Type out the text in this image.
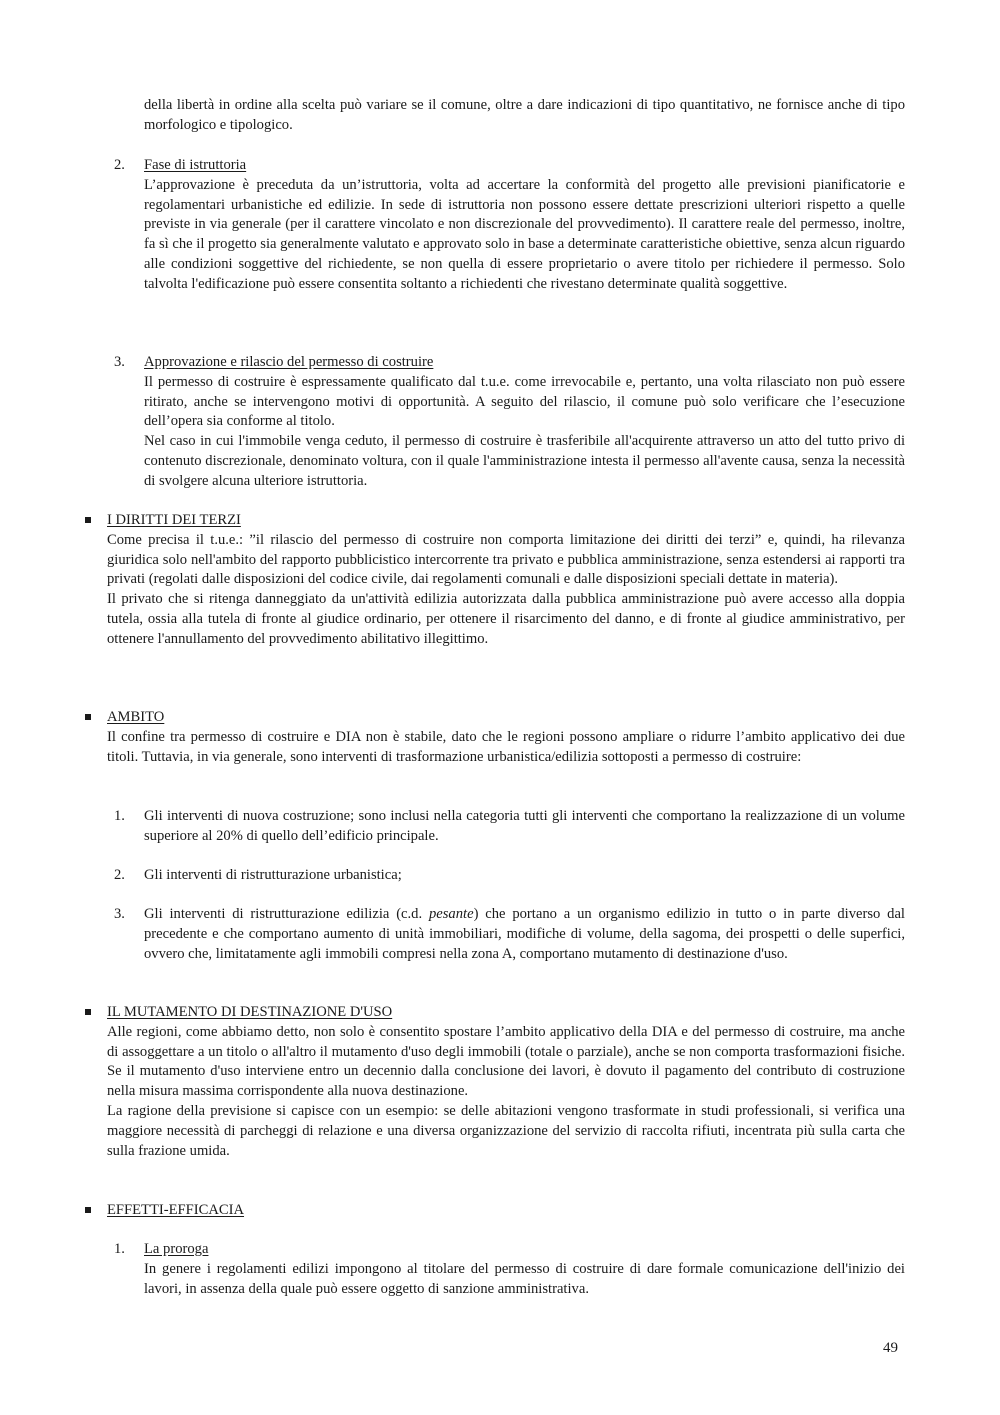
della libertà in ordine alla scelta può variare se il comune, oltre a dare indicazioni di tipo quantitativo, ne fornisce anche di tipo morfologico e tipologico.

2. Fase di istruttoria

L’approvazione è preceduta da un’istruttoria, volta ad accertare la conformità del progetto alle previsioni pianificatorie e regolamentari urbanistiche ed edilizie. In sede di istruttoria non possono essere dettate prescrizioni ulteriori rispetto a quelle previste in via generale (per il carattere vincolato e non discrezionale del provvedimento). Il carattere reale del permesso, inoltre, fa sì che il progetto sia generalmente valutato e approvato solo in base a determinate caratteristiche obiettive, senza alcun riguardo alle condizioni soggettive del richiedente, se non quella di essere proprietario o avere titolo per richiedere il permesso. Solo talvolta l'edificazione può essere consentita soltanto a richiedenti che rivestano determinate qualità soggettive.

3. Approvazione e rilascio del permesso di costruire

Il permesso di costruire è espressamente qualificato dal t.u.e. come irrevocabile e, pertanto, una volta rilasciato non può essere ritirato, anche se intervengono motivi di opportunità. A seguito del rilascio, il comune può solo verificare che l’esecuzione dell’opera sia conforme al titolo.

Nel caso in cui l'immobile venga ceduto, il permesso di costruire è trasferibile all'acquirente attraverso un atto del tutto privo di contenuto discrezionale, denominato voltura, con il quale l'amministrazione intesta il permesso all'avente causa, senza la necessità di svolgere alcuna ulteriore istruttoria.

I DIRITTI DEI TERZI

Come precisa il t.u.e.: ”il rilascio del permesso di costruire non comporta limitazione dei diritti dei terzi” e, quindi, ha rilevanza giuridica solo nell'ambito del rapporto pubblicistico intercorrente tra privato e pubblica amministrazione, senza estendersi ai rapporti tra privati (regolati dalle disposizioni del codice civile, dai regolamenti comunali e dalle disposizioni speciali dettate in materia).

Il privato che si ritenga danneggiato da un'attività edilizia autorizzata dalla pubblica amministrazione può avere accesso alla doppia tutela, ossia alla tutela di fronte al giudice ordinario, per ottenere il risarcimento del danno, e di fronte al giudice amministrativo, per ottenere l'annullamento del provvedimento abilitativo illegittimo.

AMBITO

Il confine tra permesso di costruire e DIA non è stabile, dato che le regioni possono ampliare o ridurre l’ambito applicativo dei due titoli. Tuttavia, in via generale, sono interventi di trasformazione urbanistica/edilizia sottoposti a permesso di costruire:

1. Gli interventi di nuova costruzione; sono inclusi nella categoria tutti gli interventi che comportano la realizzazione di un volume superiore al 20% di quello dell’edificio principale.

2. Gli interventi di ristrutturazione urbanistica;

3. Gli interventi di ristrutturazione edilizia (c.d. pesante) che portano a un organismo edilizio in tutto o in parte diverso dal precedente e che comportano aumento di unità immobiliari, modifiche di volume, della sagoma, dei prospetti o delle superfici, ovvero che, limitatamente agli immobili compresi nella zona A, comportano mutamento di destinazione d'uso.

IL MUTAMENTO DI DESTINAZIONE D'USO

Alle regioni, come abbiamo detto, non solo è consentito spostare l’ambito applicativo della DIA e del permesso di costruire, ma anche di assoggettare a un titolo o all'altro il mutamento d'uso degli immobili (totale o parziale), anche se non comporta trasformazioni fisiche. Se il mutamento d'uso interviene entro un decennio dalla conclusione dei lavori, è dovuto il pagamento del contributo di costruzione nella misura massima corrispondente alla nuova destinazione.

La ragione della previsione si capisce con un esempio: se delle abitazioni vengono trasformate in studi professionali, si verifica una maggiore necessità di parcheggi di relazione e una diversa organizzazione del servizio di raccolta rifiuti, incentrata più sulla carta che sulla frazione umida.

EFFETTI-EFFICACIA

1. La proroga

In genere i regolamenti edilizi impongono al titolare del permesso di costruire di dare formale comunicazione dell'inizio dei lavori, in assenza della quale può essere oggetto di sanzione amministrativa.

49
